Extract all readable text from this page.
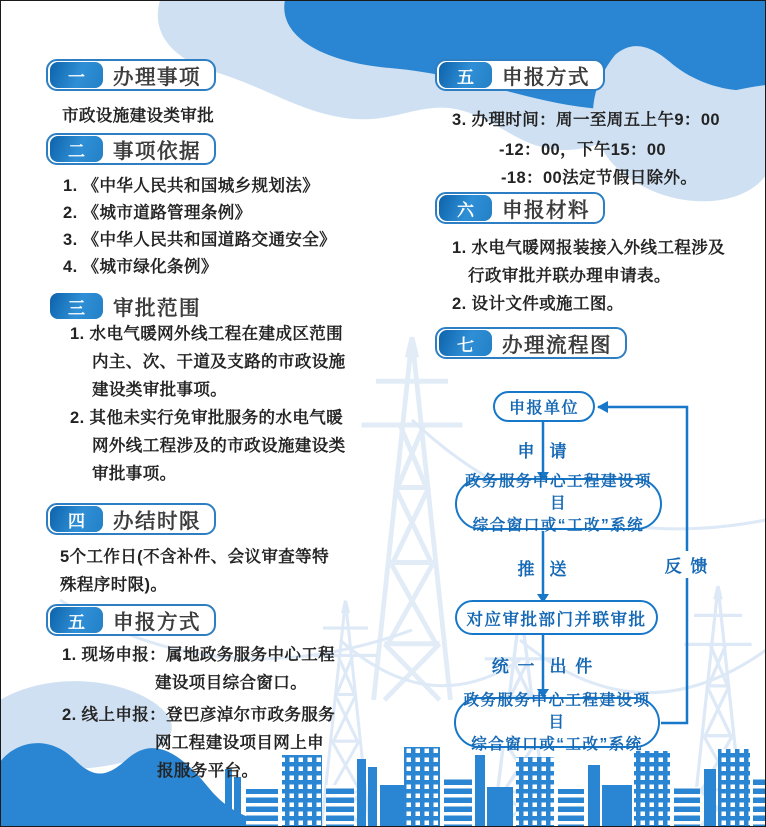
一	办理事项
市政设施建设类审批
二	事项依据
1. 《中华人民共和国城乡规划法》
2. 《城市道路管理条例》
3. 《中华人民共和国道路交通安全》
4. 《城市绿化条例》
三	审批范围
1. 水电气暖网外线工程在建成区范围
内主、次、干道及支路的市政设施
建设类审批事项。
2. 其他未实行免审批服务的水电气暖
网外线工程涉及的市政设施建设类
审批事项。
四	办结时限
5个工作日(不含补件、会议审查等特
殊程序时限)。
五	申报方式
1. 现场申报：属地政务服务中心工程
建设项目综合窗口。
2. 线上申报：登巴彦淖尔市政务服务
网工程建设项目网上申
报服务平台。
五	申报方式
3. 办理时间：周一至周五上午9：00
-12：00，下午15：00
-18：00法定节假日除外。
六	申报材料
1. 水电气暖网报装接入外线工程涉及
行政审批并联办理申请表。
2. 设计文件或施工图。
七	办理流程图
申报单位
申 请
政务服务中心工程建设项目
综合窗口或“工改”系统
推 送
对应审批部门并联审批
统 一 出 件
政务服务中心工程建设项目
综合窗口或“工改”系统
反 馈
